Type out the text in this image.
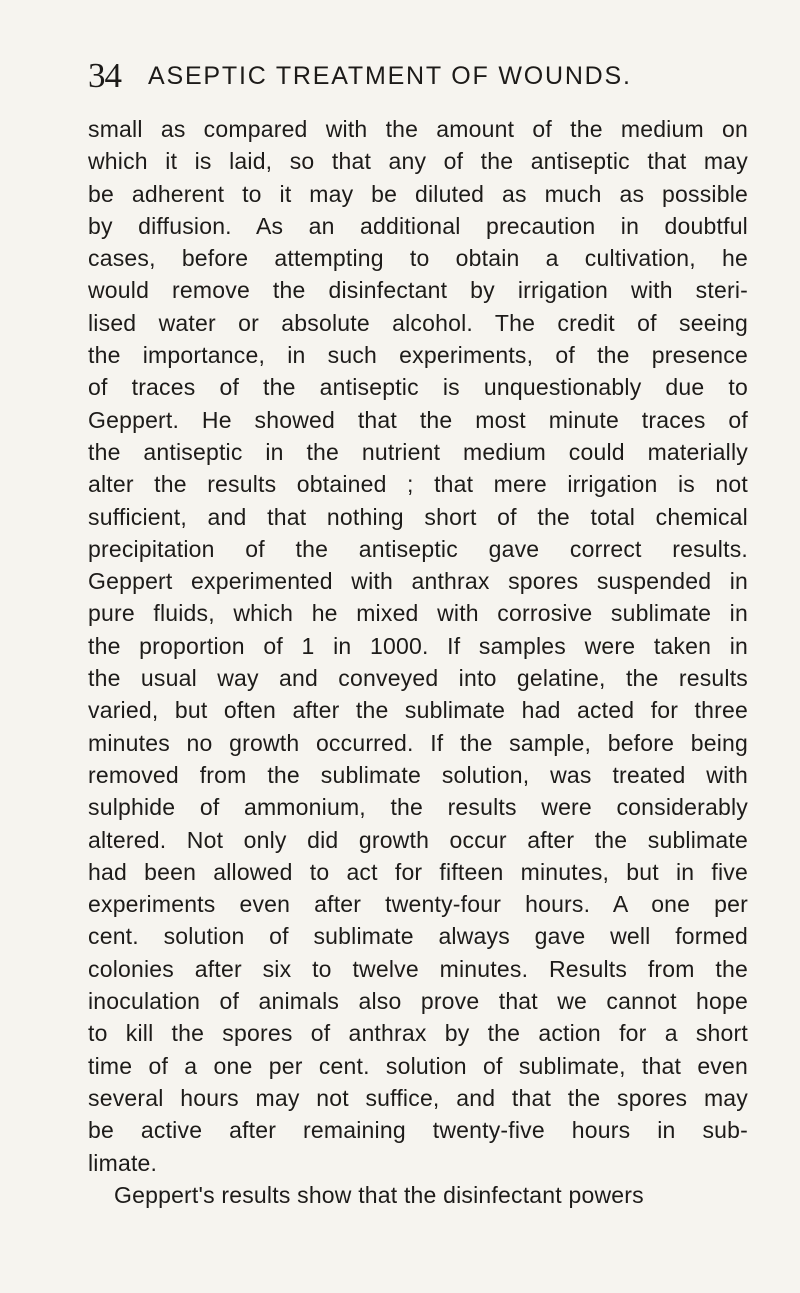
34 ASEPTIC TREATMENT OF WOUNDS.
small as compared with the amount of the medium on
which it is laid, so that any of the antiseptic that may
be adherent to it may be diluted as much as possible
by diffusion. As an additional precaution in doubtful
cases, before attempting to obtain a cultivation, he
would remove the disinfectant by irrigation with steri-
lised water or absolute alcohol. The credit of seeing
the importance, in such experiments, of the presence
of traces of the antiseptic is unquestionably due to
Geppert. He showed that the most minute traces of
the antiseptic in the nutrient medium could materially
alter the results obtained ; that mere irrigation is not
sufficient, and that nothing short of the total chemical
precipitation of the antiseptic gave correct results.
Geppert experimented with anthrax spores suspended in
pure fluids, which he mixed with corrosive sublimate in
the proportion of 1 in 1000. If samples were taken in
the usual way and conveyed into gelatine, the results
varied, but often after the sublimate had acted for three
minutes no growth occurred. If the sample, before being
removed from the sublimate solution, was treated with
sulphide of ammonium, the results were considerably
altered. Not only did growth occur after the sublimate
had been allowed to act for fifteen minutes, but in five
experiments even after twenty-four hours. A one per
cent. solution of sublimate always gave well formed
colonies after six to twelve minutes. Results from the
inoculation of animals also prove that we cannot hope
to kill the spores of anthrax by the action for a short
time of a one per cent. solution of sublimate, that even
several hours may not suffice, and that the spores may
be active after remaining twenty-five hours in sub-
limate.
Geppert's results show that the disinfectant powers
